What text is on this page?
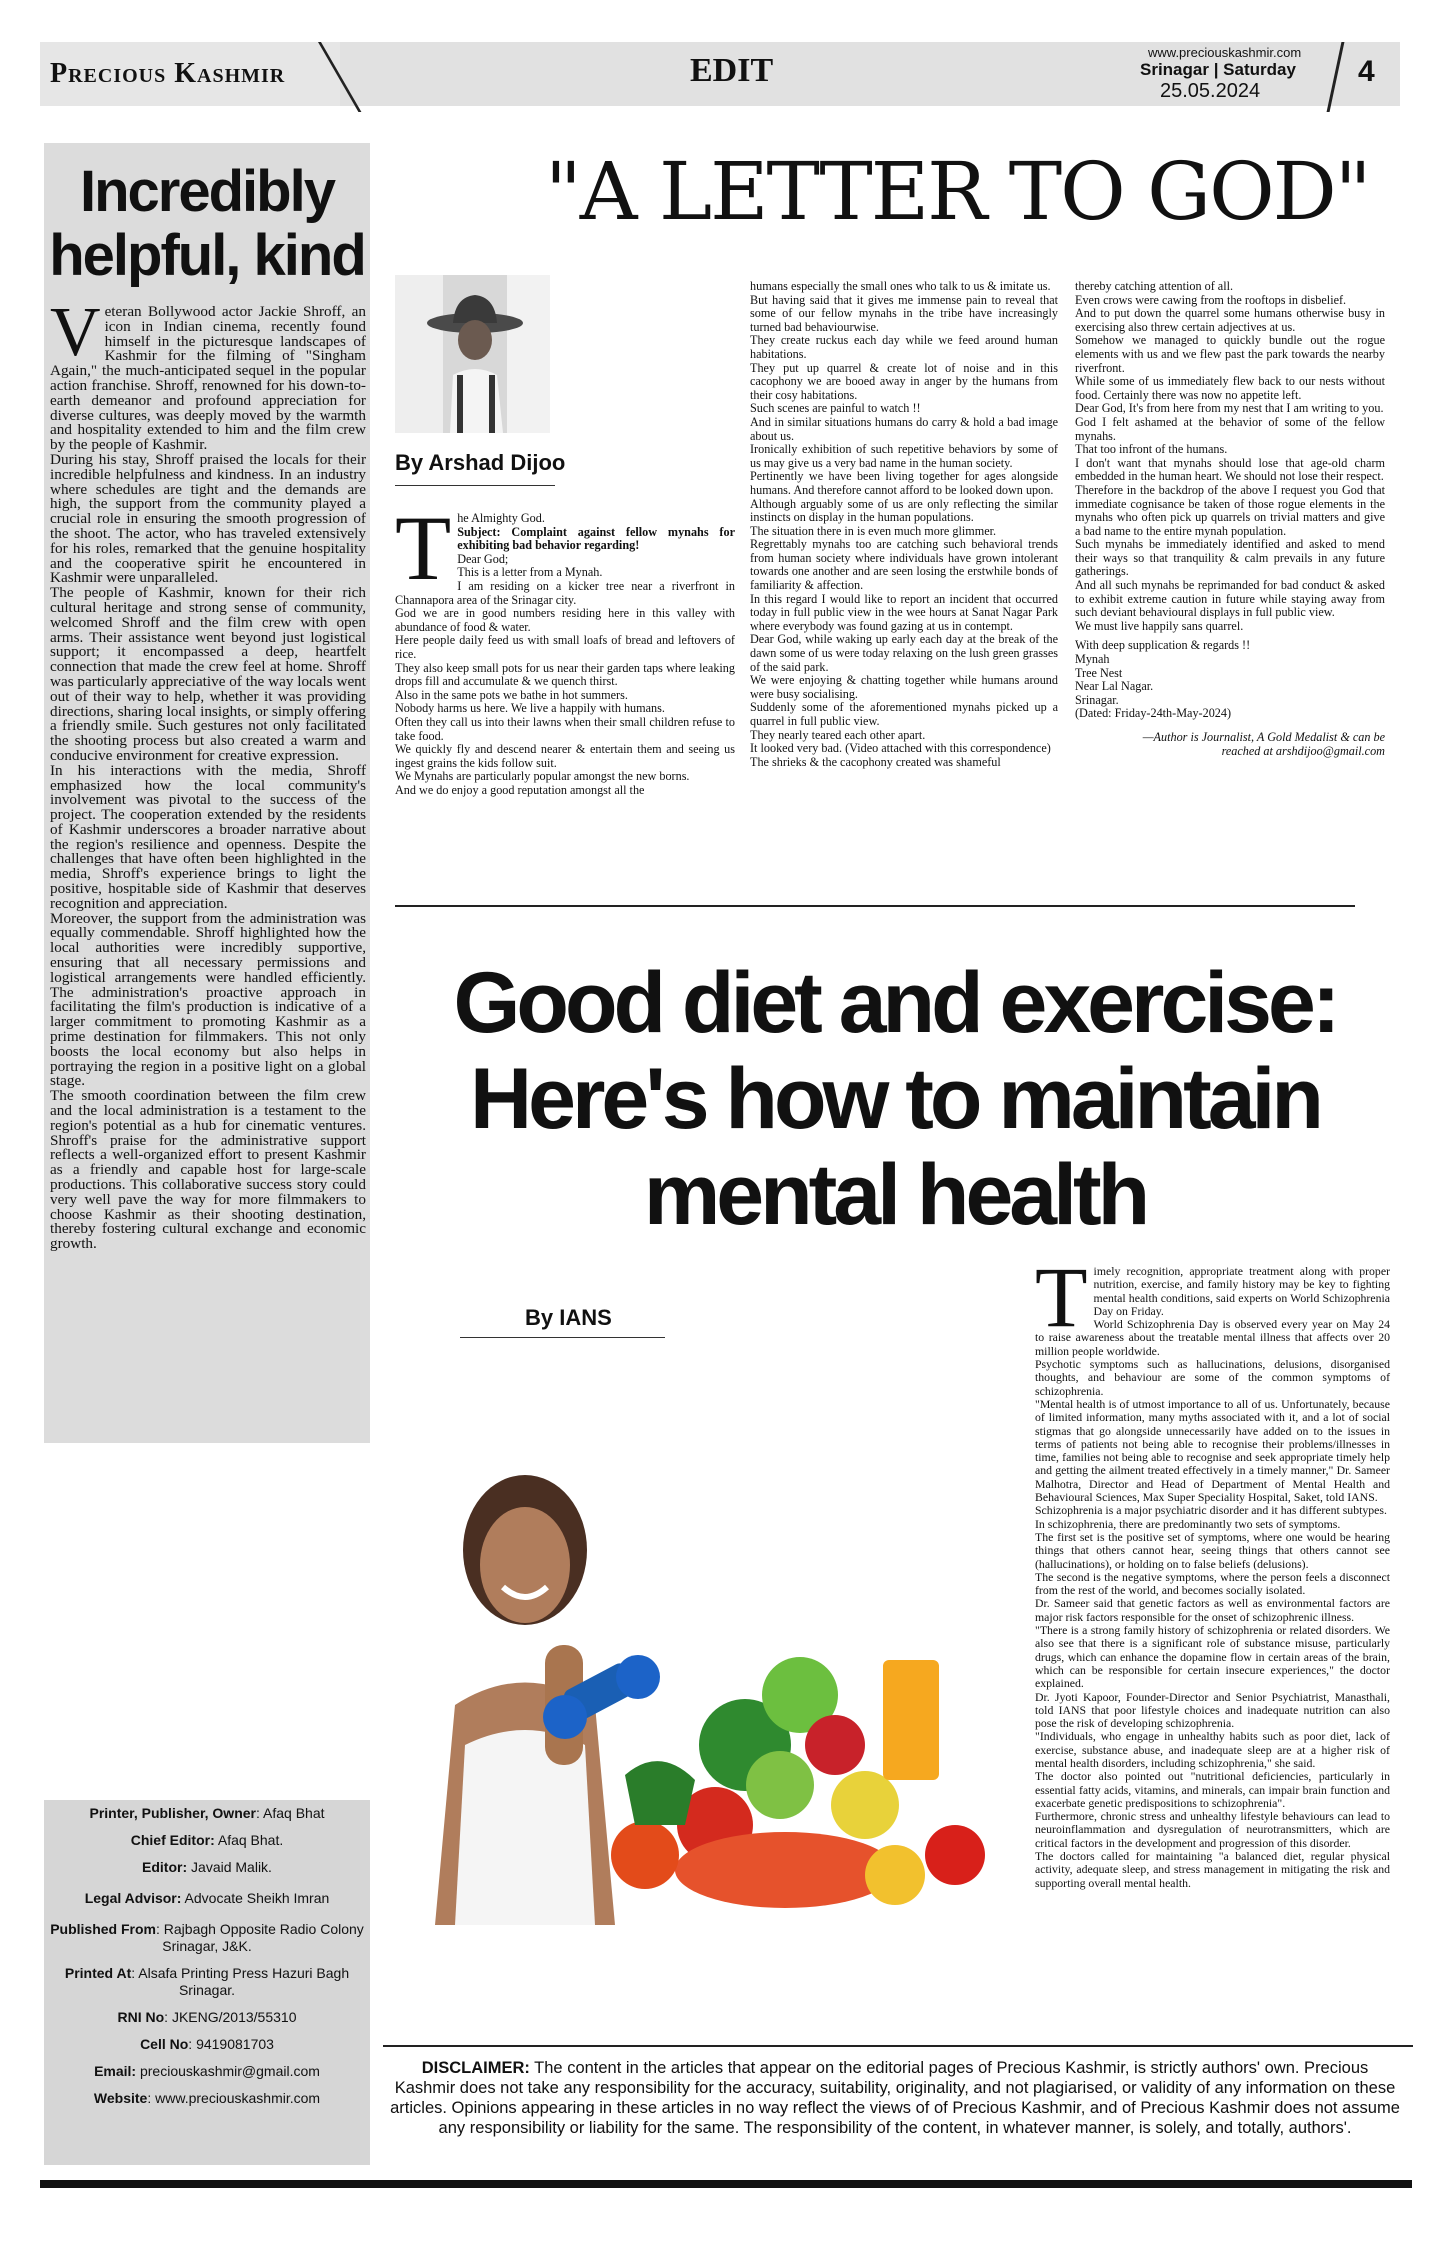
Precious Kashmir	EDIT	www.preciouskashmir.com
Srinagar | Saturday
25.05.2024
4
Incredibly helpful, kind
V eteran Bollywood actor Jackie Shroff, an icon in Indian cinema, recently found himself in the picturesque landscapes of Kashmir for the filming of "Singham Again," the much-anticipated sequel in the popular action franchise. Shroff, renowned for his down-to-earth demeanor and profound appreciation for diverse cultures, was deeply moved by the warmth and hospitality extended to him and the film crew by the people of Kashmir.

During his stay, Shroff praised the locals for their incredible helpfulness and kindness. In an industry where schedules are tight and the demands are high, the support from the community played a crucial role in ensuring the smooth progression of the shoot. The actor, who has traveled extensively for his roles, remarked that the genuine hospitality and the cooperative spirit he encountered in Kashmir were unparalleled.

The people of Kashmir, known for their rich cultural heritage and strong sense of community, welcomed Shroff and the film crew with open arms. Their assistance went beyond just logistical support; it encompassed a deep, heartfelt connection that made the crew feel at home. Shroff was particularly appreciative of the way locals went out of their way to help, whether it was providing directions, sharing local insights, or simply offering a friendly smile. Such gestures not only facilitated the shooting process but also created a warm and conducive environment for creative expression.

In his interactions with the media, Shroff emphasized how the local community's involvement was pivotal to the success of the project. The cooperation extended by the residents of Kashmir underscores a broader narrative about the region's resilience and openness. Despite the challenges that have often been highlighted in the media, Shroff's experience brings to light the positive, hospitable side of Kashmir that deserves recognition and appreciation.

Moreover, the support from the administration was equally commendable. Shroff highlighted how the local authorities were incredibly supportive, ensuring that all necessary permissions and logistical arrangements were handled efficiently. The administration's proactive approach in facilitating the film's production is indicative of a larger commitment to promoting Kashmir as a prime destination for filmmakers. This not only boosts the local economy but also helps in portraying the region in a positive light on a global stage.

The smooth coordination between the film crew and the local administration is a testament to the region's potential as a hub for cinematic ventures. Shroff's praise for the administrative support reflects a well-organized effort to present Kashmir as a friendly and capable host for large-scale productions. This collaborative success story could very well pave the way for more filmmakers to choose Kashmir as their shooting destination, thereby fostering cultural exchange and economic growth.

Printer, Publisher, Owner: Afaq Bhat
Chief Editor: Afaq Bhat.
Editor: Javaid Malik.
Legal Advisor: Advocate Sheikh Imran
Published From: Rajbagh Opposite Radio Colony Srinagar, J&K.
Printed At: Alsafa Printing Press Hazuri Bagh Srinagar.
RNI No: JKENG/2013/55310
Cell No: 9419081703
Email: preciouskashmir@gmail.com
Website: www.preciouskashmir.com
"A LETTER TO GOD"
By Arshad Dijoo
T he Almighty God.

Subject: Complaint against fellow mynahs for exhibiting bad behavior regarding!

Dear God;

This is a letter from a Mynah.

I am residing on a kicker tree near a riverfront in Channapora area of the Srinagar city.

God we are in good numbers residing here in this valley with abundance of food & water.

Here people daily feed us with small loafs of bread and leftovers of rice.

They also keep small pots for us near their garden taps where leaking drops fill and accumulate & we quench thirst.

Also in the same pots we bathe in hot summers.

Nobody harms us here. We live a happily with humans.

Often they call us into their lawns when their small children refuse to take food.

We quickly fly and descend nearer & entertain them and seeing us ingest grains the kids follow suit.

We Mynahs are particularly popular amongst the new borns.

And we do enjoy a good reputation amongst all the

humans especially the small ones who talk to us & imitate us.

But having said that it gives me immense pain to reveal that some of our fellow mynahs in the tribe have increasingly turned bad behaviourwise.

They create ruckus each day while we feed around human habitations.

They put up quarrel & create lot of noise and in this cacophony we are booed away in anger by the humans from their cosy habitations.

Such scenes are painful to watch !!

And in similar situations humans do carry & hold a bad image about us.

Ironically exhibition of such repetitive behaviors by some of us may give us a very bad name in the human society.

Pertinently we have been living together for ages alongside humans. And therefore cannot afford to be looked down upon.

Although arguably some of us are only reflecting the similar instincts on display in the human populations.

The situation there in is even much more glimmer.

Regrettably mynahs too are catching such behavioral trends from human society where individuals have grown intolerant towards one another and are seen losing the erstwhile bonds of familiarity & affection.

In this regard I would like to report an incident that occurred today in full public view in the wee hours at Sanat Nagar Park where everybody was found gazing at us in contempt.

Dear God, while waking up early each day at the break of the dawn some of us were today relaxing on the lush green grasses of the said park.

We were enjoying & chatting together while humans around were busy socialising.

Suddenly some of the aforementioned mynahs picked up a quarrel in full public view.

They nearly teared each other apart.

It looked very bad. (Video attached with this correspondence)

The shrieks & the cacophony created was shameful

thereby catching attention of all.

Even crows were cawing from the rooftops in disbelief.

And to put down the quarrel some humans otherwise busy in exercising also threw certain adjectives at us.

Somehow we managed to quickly bundle out the rogue elements with us and we flew past the park towards the nearby riverfront.

While some of us immediately flew back to our nests without food. Certainly there was now no appetite left.

Dear God, It's from here from my nest that I am writing to you.

God I felt ashamed at the behavior of some of the fellow mynahs.

That too infront of the humans.

I don't want that mynahs should lose that age-old charm embedded in the human heart. We should not lose their respect.

Therefore in the backdrop of the above I request you God that immediate cognisance be taken of those rogue elements in the mynahs who often pick up quarrels on trivial matters and give a bad name to the entire mynah population.

Such mynahs be immediately identified and asked to mend their ways so that tranquility & calm prevails in any future gatherings.

And all such mynahs be reprimanded for bad conduct & asked to exhibit extreme caution in future while staying away from such deviant behavioural displays in full public view.

We must live happily sans quarrel.

With deep supplication & regards !!

Mynah

Tree Nest

Near Lal Nagar.

Srinagar.

(Dated: Friday-24th-May-2024)

—Author is Journalist, A Gold Medalist & can be

reached at arshdijoo@gmail.com

Good diet and exercise:
Here's how to maintain
mental health
By IANS	T imely recognition, appropriate treatment along with proper nutrition, exercise, and family history may be key to fighting mental health conditions, said experts on World Schizophrenia Day on Friday.

World Schizophrenia Day is observed every year on May 24 to raise awareness about the treatable mental illness that affects over 20 million people worldwide.

Psychotic symptoms such as hallucinations, delusions, disorganised thoughts, and behaviour are some of the common symptoms of schizophrenia.

"Mental health is of utmost importance to all of us. Unfortunately, because of limited information, many myths associated with it, and a lot of social stigmas that go alongside unnecessarily have added on to the issues in terms of patients not being able to recognise their problems/illnesses in time, families not being able to recognise and seek appropriate timely help and getting the ailment treated effectively in a timely manner," Dr. Sameer Malhotra, Director and Head of Department of Mental Health and Behavioural Sciences, Max Super Speciality Hospital, Saket, told IANS.

Schizophrenia is a major psychiatric disorder and it has different subtypes.

In schizophrenia, there are predominantly two sets of symptoms.

The first set is the positive set of symptoms, where one would be hearing things that others cannot hear, seeing things that others cannot see (hallucinations), or holding on to false beliefs (delusions).

The second is the negative symptoms, where the person feels a disconnect from the rest of the world, and becomes socially isolated.

Dr. Sameer said that genetic factors as well as environmental factors are major risk factors responsible for the onset of schizophrenic illness.

"There is a strong family history of schizophrenia or related disorders. We also see that there is a significant role of substance misuse, particularly drugs, which can enhance the dopamine flow in certain areas of the brain, which can be responsible for certain insecure experiences," the doctor explained.

Dr. Jyoti Kapoor, Founder-Director and Senior Psychiatrist, Manasthali, told IANS that poor lifestyle choices and inadequate nutrition can also pose the risk of developing schizophrenia.

"Individuals, who engage in unhealthy habits such as poor diet, lack of exercise, substance abuse, and inadequate sleep are at a higher risk of mental health disorders, including schizophrenia," she said.

The doctor also pointed out "nutritional deficiencies, particularly in essential fatty acids, vitamins, and minerals, can impair brain function and exacerbate genetic predispositions to schizophrenia".

Furthermore, chronic stress and unhealthy lifestyle behaviours can lead to neuroinflammation and dysregulation of neurotransmitters, which are critical factors in the development and progression of this disorder.

The doctors called for maintaining "a balanced diet, regular physical activity, adequate sleep, and stress management in mitigating the risk and supporting overall mental health.

DISCLAIMER: The content in the articles that appear on the editorial pages of Precious Kashmir, is strictly authors' own. Precious Kashmir does not take any responsibility for the accuracy, suitability, originality, and not plagiarised, or validity of any information on these articles. Opinions appearing in these articles in no way reflect the views of of Precious Kashmir, and of Precious Kashmir does not assume any responsibility or liability for the same. The responsibility of the content, in whatever manner, is solely, and totally, authors'.
